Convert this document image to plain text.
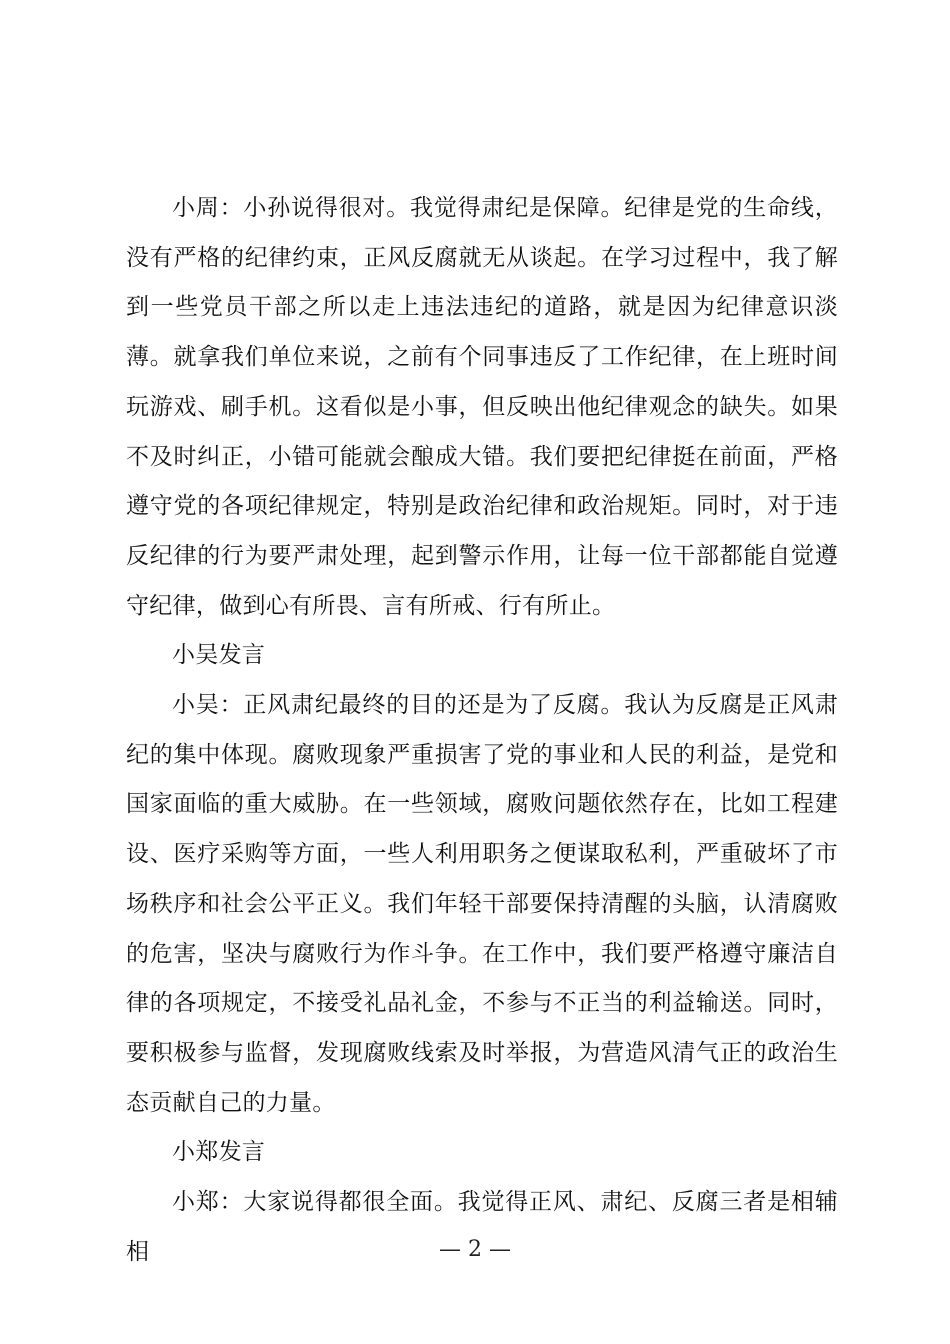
小周：小孙说得很对。我觉得肃纪是保障。纪律是党的生命线，没有严格的纪律约束，正风反腐就无从谈起。在学习过程中，我了解到一些党员干部之所以走上违法违纪的道路，就是因为纪律意识淡薄。就拿我们单位来说，之前有个同事违反了工作纪律，在上班时间玩游戏、刷手机。这看似是小事，但反映出他纪律观念的缺失。如果不及时纠正，小错可能就会酿成大错。我们要把纪律挺在前面，严格遵守党的各项纪律规定，特别是政治纪律和政治规矩。同时，对于违反纪律的行为要严肃处理，起到警示作用，让每一位干部都能自觉遵守纪律，做到心有所畏、言有所戒、行有所止。

小吴发言

小吴：正风肃纪最终的目的还是为了反腐。我认为反腐是正风肃纪的集中体现。腐败现象严重损害了党的事业和人民的利益，是党和国家面临的重大威胁。在一些领域，腐败问题依然存在，比如工程建设、医疗采购等方面，一些人利用职务之便谋取私利，严重破坏了市场秩序和社会公平正义。我们年轻干部要保持清醒的头脑，认清腐败的危害，坚决与腐败行为作斗争。在工作中，我们要严格遵守廉洁自律的各项规定，不接受礼品礼金，不参与不正当的利益输送。同时，要积极参与监督，发现腐败线索及时举报，为营造风清气正的政治生态贡献自己的力量。

小郑发言

小郑：大家说得都很全面。我觉得正风、肃纪、反腐三者是相辅相	— 2 —
